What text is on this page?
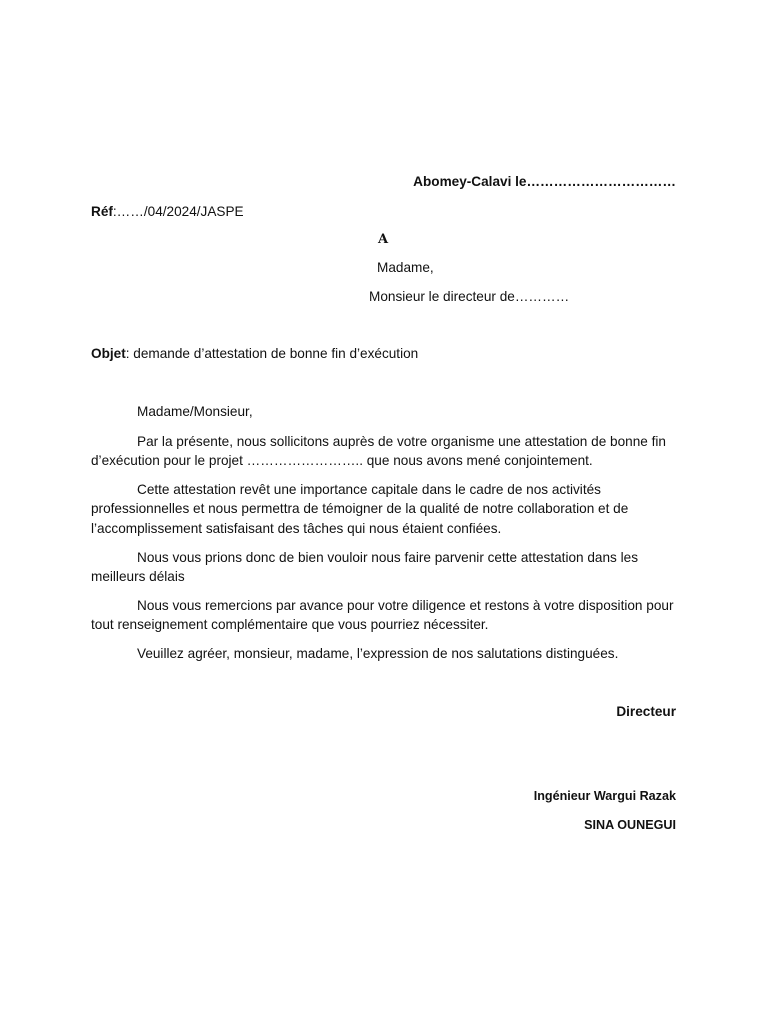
Abomey-Calavi le……………………………
Réf:……/04/2024/JASPE
A
Madame,
Monsieur le directeur de…………
Objet: demande d’attestation de bonne fin d’exécution
Madame/Monsieur,
Par la présente, nous sollicitons auprès de votre organisme une attestation de bonne fin d’exécution pour le projet …………………….. que nous avons mené conjointement.
Cette attestation revêt une importance capitale dans le cadre de nos activités professionnelles et nous permettra de témoigner de la qualité de notre collaboration et de l’accomplissement satisfaisant des tâches qui nous étaient confiées.
Nous vous prions donc de bien vouloir nous faire parvenir cette attestation dans les meilleurs délais
Nous vous remercions par avance pour votre diligence et restons à votre disposition pour tout renseignement complémentaire que vous pourriez nécessiter.
Veuillez agréer, monsieur, madame, l’expression de nos salutations distinguées.
Directeur
Ingénieur Wargui Razak
SINA OUNEGUI
